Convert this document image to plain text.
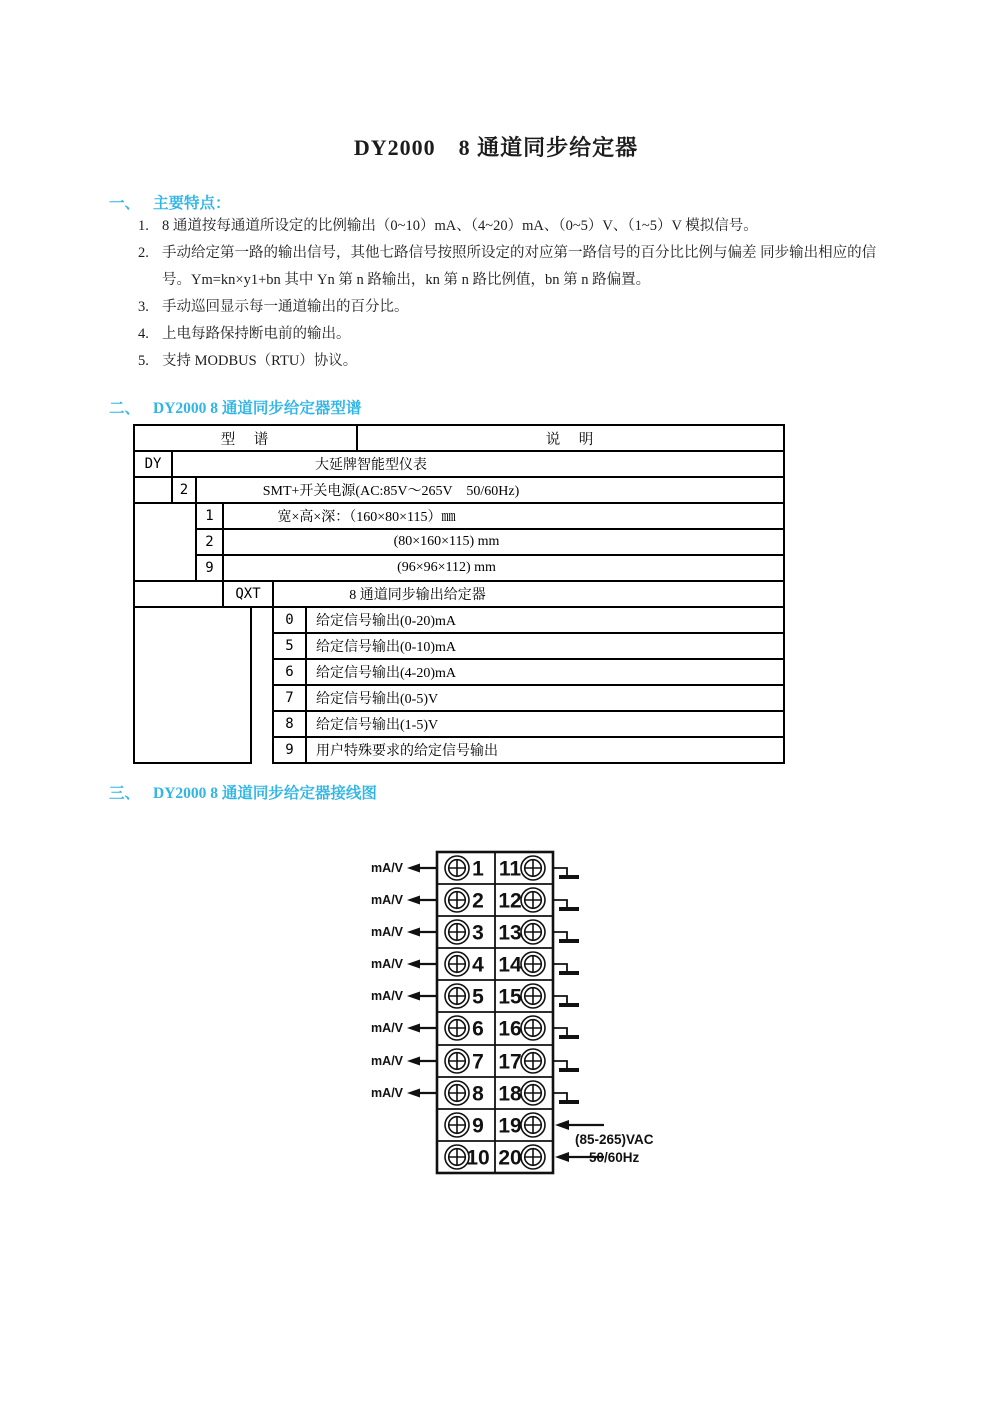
DY2000　8 通道同步给定器
一、 主要特点：
1. 8 通道按每通道所设定的比例输出（0~10）mA、（4~20）mA、（0~5）V、（1~5）V 模拟信号。
2. 手动给定第一路的输出信号，其他七路信号按照所设定的对应第一路信号的百分比比例与偏差 同步输出相应的信
号。Ym=kn×y1+bn 其中 Yn 第 n 路输出，kn 第 n 路比例值，bn 第 n 路偏置。
3. 手动巡回显示每一通道输出的百分比。
4. 上电每路保持断电前的输出。
5. 支持 MODBUS（RTU）协议。
二、 DY2000 8 通道同步给定器型谱
型　谱							说　明
DY	大延牌智能型仪表						
	2	SMT+开关电源(AC:85V～265V　50/60Hz)					
		1	宽×高×深：（160×80×115）㎜				
		2	(80×160×115) mm				
		9	(96×96×112) mm				
			QXT		8 通道同步输出给定器		
					0	给定信号输出(0-20)mA	
					5	给定信号输出(0-10)mA	
					6	给定信号输出(4-20)mA	
					7	给定信号输出(0-5)V	
					8	给定信号输出(1-5)V	
					9	用户特殊要求的给定信号输出	
三、 DY2000 8 通道同步给定器接线图
1 11
2 12
3 13
4 14
5 15
6 16
7 17
8 18
9 19
10 20
mA/V
mA/V
mA/V
mA/V
mA/V
mA/V
mA/V
mA/V
(85-265)VAC
50/60Hz
